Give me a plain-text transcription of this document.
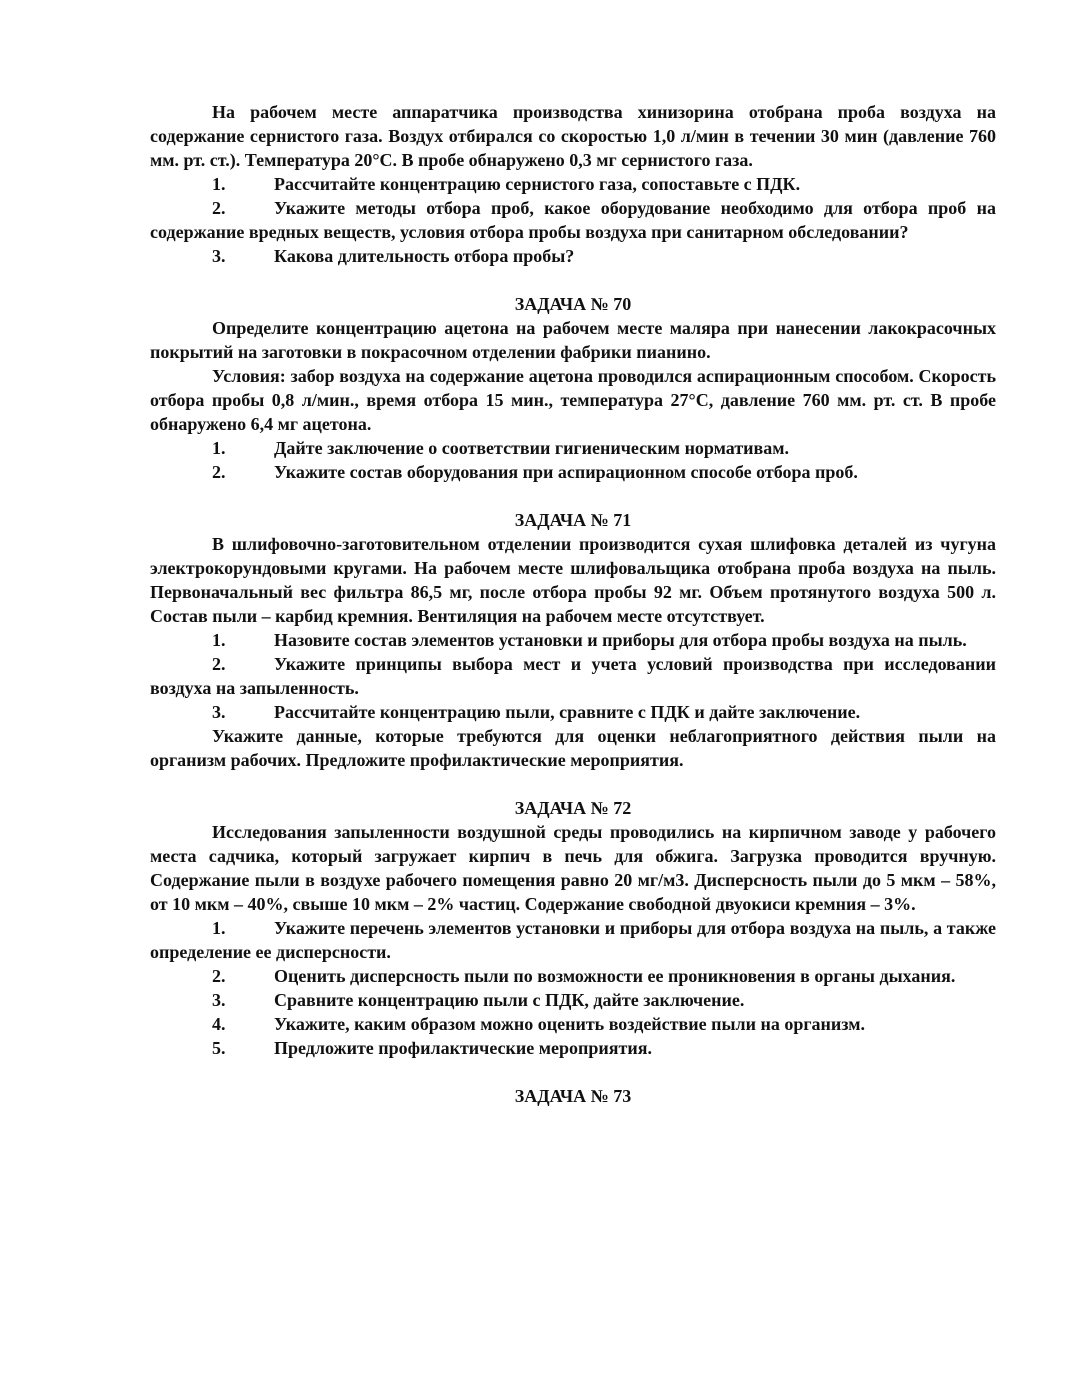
На рабочем месте аппаратчика производства хинизорина отобрана проба воздуха на содержание сернистого газа. Воздух отбирался со скоростью 1,0 л/мин в течении 30 мин (давление 760 мм. рт. ст.). Температура 20°С. В пробе обнаружено 0,3 мг сернистого газа.

1.	Рассчитайте концентрацию сернистого газа, сопоставьте с ПДК.

2.	Укажите методы отбора проб, какое оборудование необходимо для отбора проб на содержание вредных веществ, условия отбора пробы воздуха при санитарном обследовании?

3.	Какова длительность отбора пробы?

ЗАДАЧА № 70

Определите концентрацию ацетона на рабочем месте маляра при нанесении лакокрасочных покрытий на заготовки в покрасочном отделении фабрики пианино.

Условия: забор воздуха на содержание ацетона проводился аспирационным способом. Скорость отбора пробы 0,8 л/мин., время отбора 15 мин., температура 27°С, давление 760 мм. рт. ст. В пробе обнаружено 6,4 мг ацетона.

1.	Дайте заключение о соответствии гигиеническим нормативам.

2.	Укажите состав оборудования при аспирационном способе отбора проб.

ЗАДАЧА № 71

В шлифовочно-заготовительном отделении производится сухая шлифовка деталей из чугуна электрокорундовыми кругами. На рабочем месте шлифовальщика отобрана проба воздуха на пыль. Первоначальный вес фильтра 86,5 мг, после отбора пробы 92 мг. Объем протянутого воздуха 500 л. Состав пыли – карбид кремния. Вентиляция на рабочем месте отсутствует.

1.	Назовите состав элементов установки и приборы для отбора пробы воздуха на пыль.

2.	Укажите принципы выбора мест и учета условий производства при исследовании воздуха на запыленность.

3.	Рассчитайте концентрацию пыли, сравните с ПДК и дайте заключение.

Укажите данные, которые требуются для оценки неблагоприятного действия пыли на организм рабочих. Предложите профилактические мероприятия.

ЗАДАЧА № 72

Исследования запыленности воздушной среды проводились на кирпичном заводе у рабочего места садчика, который загружает кирпич в печь для обжига. Загрузка проводится вручную. Содержание пыли в воздухе рабочего помещения равно 20 мг/м3. Дисперсность пыли до 5 мкм – 58%, от 10 мкм – 40%, свыше 10 мкм – 2% частиц. Содержание свободной двуокиси кремния – 3%.

1.	Укажите перечень элементов установки и приборы для отбора воздуха на пыль, а также определение ее дисперсности.

2.	Оценить дисперсность пыли по возможности ее проникновения в органы дыхания.

3.	Сравните концентрацию пыли с ПДК, дайте заключение.

4.	Укажите, каким образом можно оценить воздействие пыли на организм.

5.	Предложите профилактические мероприятия.

ЗАДАЧА № 73
